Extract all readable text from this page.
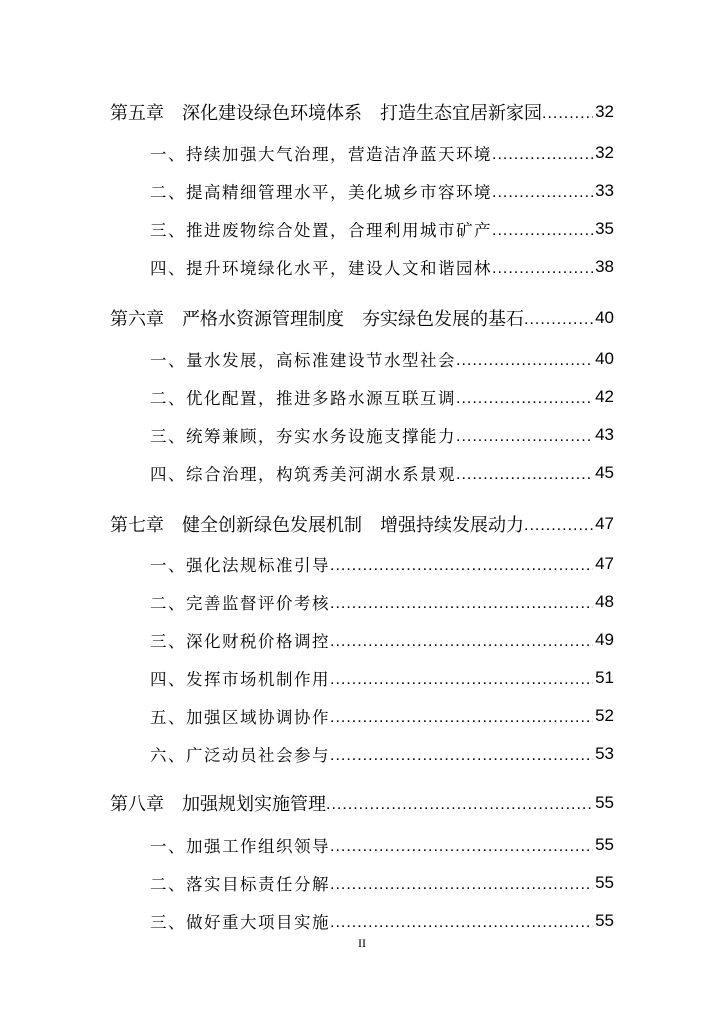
第五章　深化建设绿色环境体系　打造生态宜居新家园 .....	32
一、持续加强大气治理，营造洁净蓝天环境 .....	32
二、提高精细管理水平，美化城乡市容环境 .....	33
三、推进废物综合处置，合理利用城市矿产 .....	35
四、提升环境绿化水平，建设人文和谐园林 .....	38
第六章　严格水资源管理制度　夯实绿色发展的基石 .....	40
一、量水发展，高标准建设节水型社会 .....	40
二、优化配置，推进多路水源互联互调 .....	42
三、统筹兼顾，夯实水务设施支撑能力 .....	43
四、综合治理，构筑秀美河湖水系景观 .....	45
第七章　健全创新绿色发展机制　增强持续发展动力 .....	47
一、强化法规标准引导 .....	47
二、完善监督评价考核 .....	48
三、深化财税价格调控 .....	49
四、发挥市场机制作用 .....	51
五、加强区域协调协作 .....	52
六、广泛动员社会参与 .....	53
第八章　加强规划实施管理 .....	55
一、加强工作组织领导 .....	55
二、落实目标责任分解 .....	55
三、做好重大项目实施 .....	55
II
